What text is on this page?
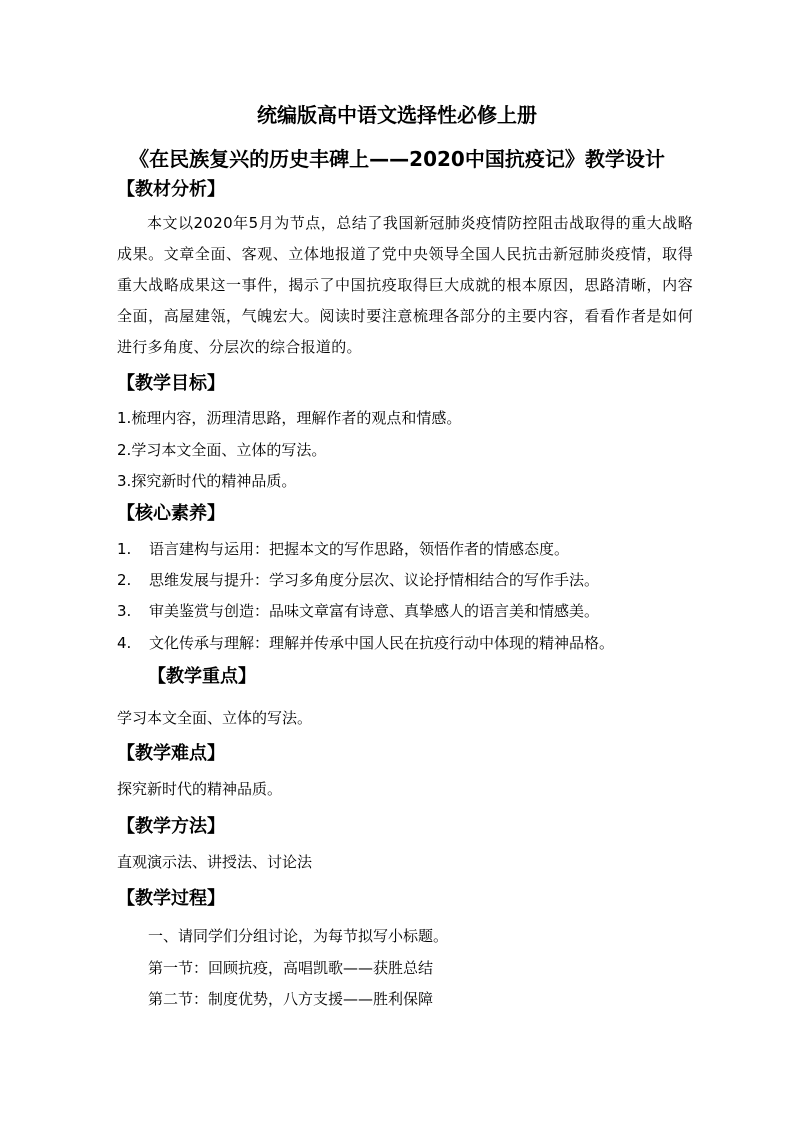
统编版高中语文选择性必修上册
《在民族复兴的历史丰碑上——2020中国抗疫记》教学设计
【教材分析】
本文以2020年5月为节点，总结了我国新冠肺炎疫情防控阻击战取得的重大战略成果。文章全面、客观、立体地报道了党中央领导全国人民抗击新冠肺炎疫情，取得重大战略成果这一事件，揭示了中国抗疫取得巨大成就的根本原因，思路清晰，内容全面，高屋建瓴，气魄宏大。阅读时要注意梳理各部分的主要内容，看看作者是如何进行多角度、分层次的综合报道的。
【教学目标】
1.梳理内容，沥理清思路，理解作者的观点和情感。
2.学习本文全面、立体的写法。
3.探究新时代的精神品质。
【核心素养】
1. 语言建构与运用：把握本文的写作思路，领悟作者的情感态度。
2. 思维发展与提升：学习多角度分层次、议论抒情相结合的写作手法。
3. 审美鉴赏与创造：品味文章富有诗意、真挚感人的语言美和情感美。
4. 文化传承与理解：理解并传承中国人民在抗疫行动中体现的精神品格。
【教学重点】
学习本文全面、立体的写法。
【教学难点】
探究新时代的精神品质。
【教学方法】
直观演示法、讲授法、讨论法
【教学过程】
一、请同学们分组讨论，为每节拟写小标题。
第一节：回顾抗疫，高唱凯歌——获胜总结
第二节：制度优势，八方支援——胜利保障
